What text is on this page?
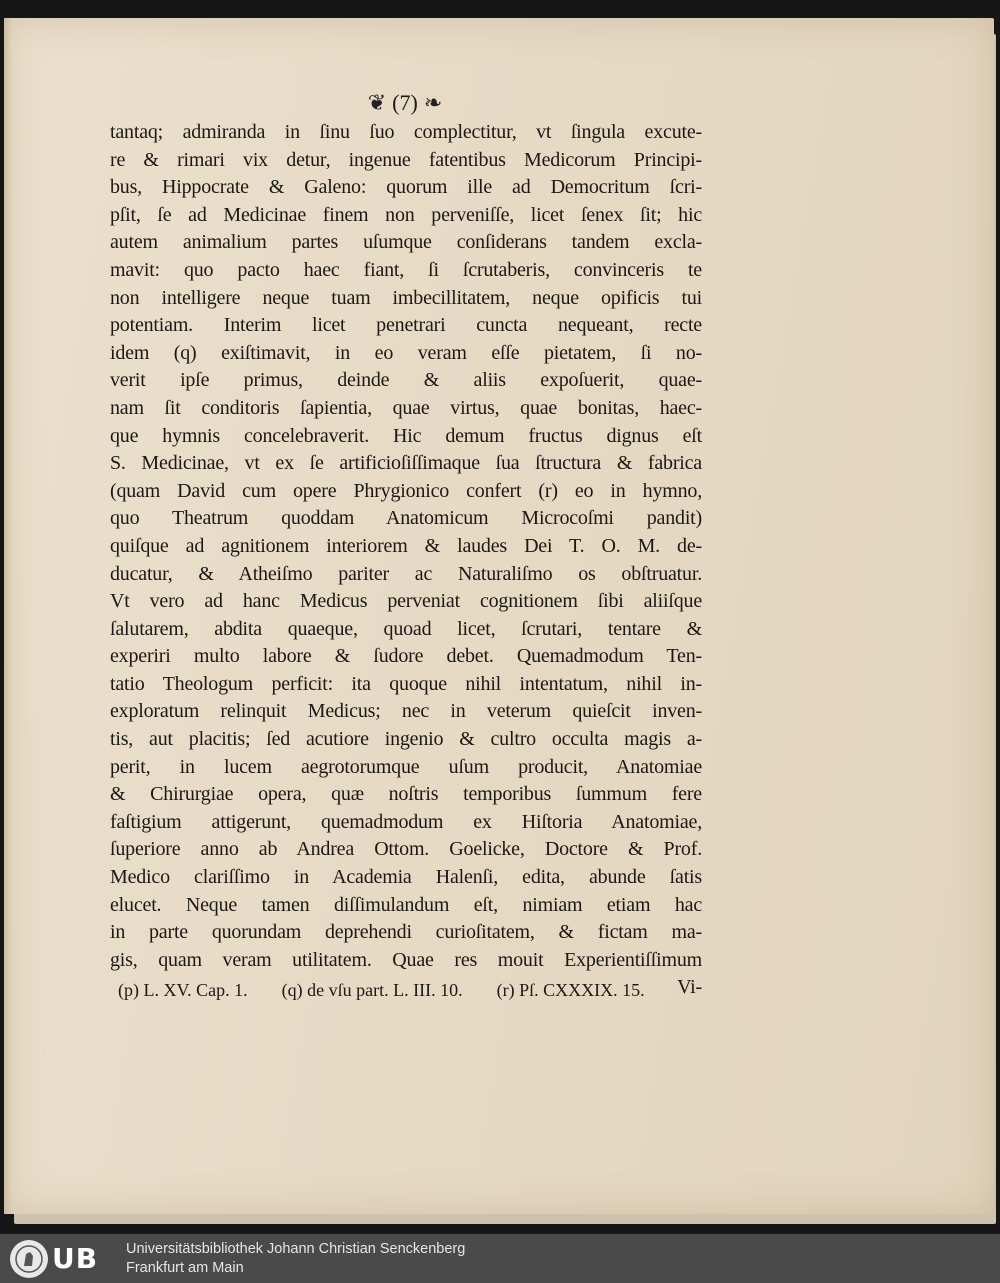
❦ (7) ❧
tantaq; admiranda in ſinu ſuo complectitur, vt ſingula excute-
re & rimari vix detur, ingenue fatentibus Medicorum Principi-
bus, Hippocrate & Galeno: quorum ille ad Democritum ſcri-
pſit, ſe ad Medicinae finem non perveniſſe, licet ſenex ſit; hic
autem animalium partes uſumque conſiderans tandem excla-
mavit: quo pacto haec fiant, ſi ſcrutaberis, convinceris te
non intelligere neque tuam imbecillitatem, neque opificis tui
potentiam. Interim licet penetrari cuncta nequeant, recte
idem (q) exiſtimavit, in eo veram eſſe pietatem, ſi no-
verit ipſe primus, deinde & aliis expoſuerit, quae-
nam ſit conditoris ſapientia, quae virtus, quae bonitas, haec-
que hymnis concelebraverit. Hic demum fructus dignus eſt
S. Medicinae, vt ex ſe artificioſiſſimaque ſua ſtructura & fabrica
(quam David cum opere Phrygionico confert (r) eo in hymno,
quo Theatrum quoddam Anatomicum Microcoſmi pandit)
quiſque ad agnitionem interiorem & laudes Dei T. O. M. de-
ducatur, & Atheiſmo pariter ac Naturaliſmo os obſtruatur.
Vt vero ad hanc Medicus perveniat cognitionem ſibi aliiſque
ſalutarem, abdita quaeque, quoad licet, ſcrutari, tentare &
experiri multo labore & ſudore debet. Quemadmodum Ten-
tatio Theologum perficit: ita quoque nihil intentatum, nihil in-
exploratum relinquit Medicus; nec in veterum quieſcit inven-
tis, aut placitis; ſed acutiore ingenio & cultro occulta magis a-
perit, in lucem aegrotorumque uſum producit, Anatomiae
& Chirurgiae opera, quæ noſtris temporibus ſummum fere
faſtigium attigerunt, quemadmodum ex Hiſtoria Anatomiae,
ſuperiore anno ab Andrea Ottom. Goelicke, Doctore & Prof.
Medico clariſſimo in Academia Halenſi, edita, abunde ſatis
elucet. Neque tamen diſſimulandum eſt, nimiam etiam hac
in parte quorundam deprehendi curioſitatem, & fictam ma-
gis, quam veram utilitatem. Quae res mouit Experientiſſimum
Vi-
(p) L. XV. Cap. 1. (q) de vſu part. L. III. 10. (r) Pſ. CXXXIX. 15.
UB Universitätsbibliothek Johann Christian Senckenberg
Frankfurt am Main
